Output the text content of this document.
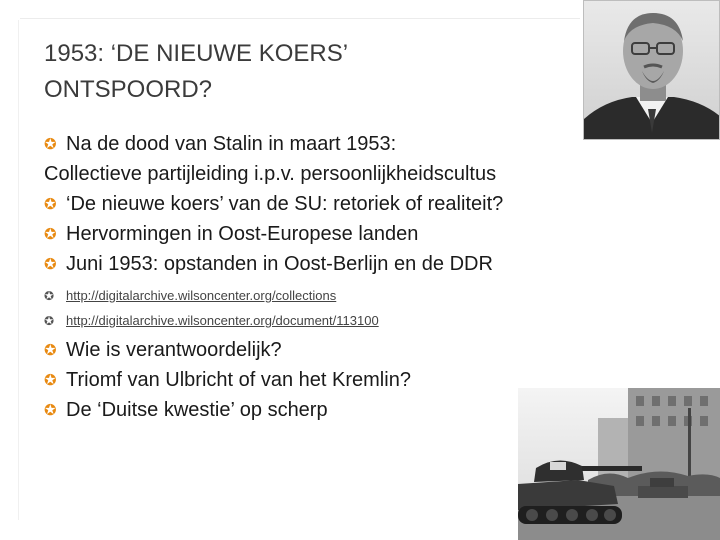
1953: ‘DE NIEUWE KOERS’
ONTSPOORD?
✪ Na de dood van Stalin in maart 1953:
Collectieve partijleiding i.p.v. persoonlijkheidscultus
✪ ‘De nieuwe koers’ van de SU: retoriek of realiteit?
✪ Hervormingen in Oost-Europese landen
✪ Juni 1953: opstanden in Oost-Berlijn en de DDR
✪ http://digitalarchive.wilsoncenter.org/collections
✪ http://digitalarchive.wilsoncenter.org/document/113100
✪ Wie is verantwoordelijk?
✪ Triomf van Ulbricht of van het Kremlin?
✪ De ‘Duitse kwestie’ op scherp
